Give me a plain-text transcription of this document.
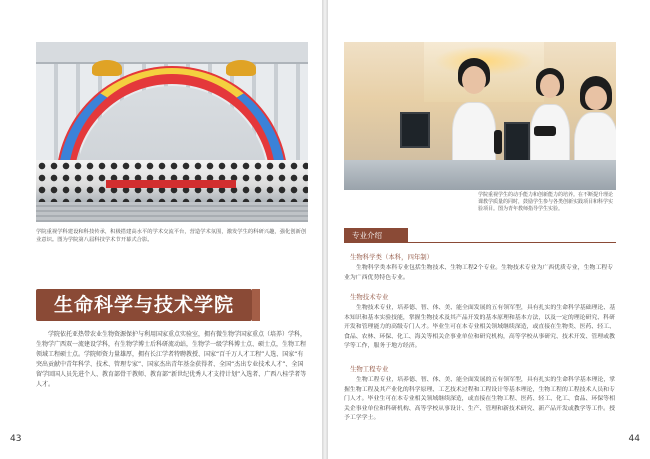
学院重视学科建设和科技传承，积极搭建高水平的学术交流平台，营造学术氛围，激发学生的科研兴趣，强化创新创业意识。图为学院第八届科技学术节开幕式合影。

生命科学与技术学院

学院依托亚热带农业生物资源保护与利用国家重点实验室，拥有微生物学国家重点（培养）学科，生物学广西双一流建设学科，有生物学博士后科研流动站，生物学一级学科博士点、硕士点，生物工程领域工程硕士点。学院师资力量雄厚，拥有长江学者特聘教授、国家“百千万人才工程”人选、国家“有突出贡献中青年科学、技术、管理专家”、国家杰出青年基金获得者、全国“杰出专业技术人才”、全国留学回国人员先进个人、教育部骨干教师、教育部“新世纪优秀人才支持计划”入选者、广西八桂学者等人才。

43

学院重视学生的动手能力和创新能力的培养。在不断提升理论课教学质量的同时，鼓励学生参与各类创新实践项目和科学实验项目。图为青年教师指导学生实验。

专业介绍
生物科学类（本科，四年制）

生物科学类本科专业包括生物技术、生物工程2个专业。生物技术专业为广西优质专业，生物工程专业为广西优势特色专业。

生物技术专业

生物技术专业，培养德、智、体、美、能全面发展的五有领军型，具有扎实的生命科学基础理论、基本知识和基本实验技能，掌握生物技术及其产品开发的基本原理和基本方法，以及一定的理论研究、科研开发和管理能力的高级专门人才。毕业生可在本专业相关领域继续深造，或直接在生物类、医药、轻工、食品、农林、环保、化工、海关等相关企事业单位和研究机构，高等学校从事研究、技术开发、管理或教学等工作，服务于地方经济。

生物工程专业

生物工程专业，培养德、智、体、美、能全面发展的五有领军型，具有扎实的生命科学基本理论，掌握生物工程及其产业化的科学原理、工艺技术过程和工程设计等基本理论，生物工程的工程技术人员和专门人才。毕业生可在本专业相关领域继续深造，或直接在生物工程、医药、轻工、化工、食品、环保等相关企事业单位和科研机构、高等学校从事设计、生产、管理和新技术研究、新产品开发或教学等工作。授予工学学士。

44
